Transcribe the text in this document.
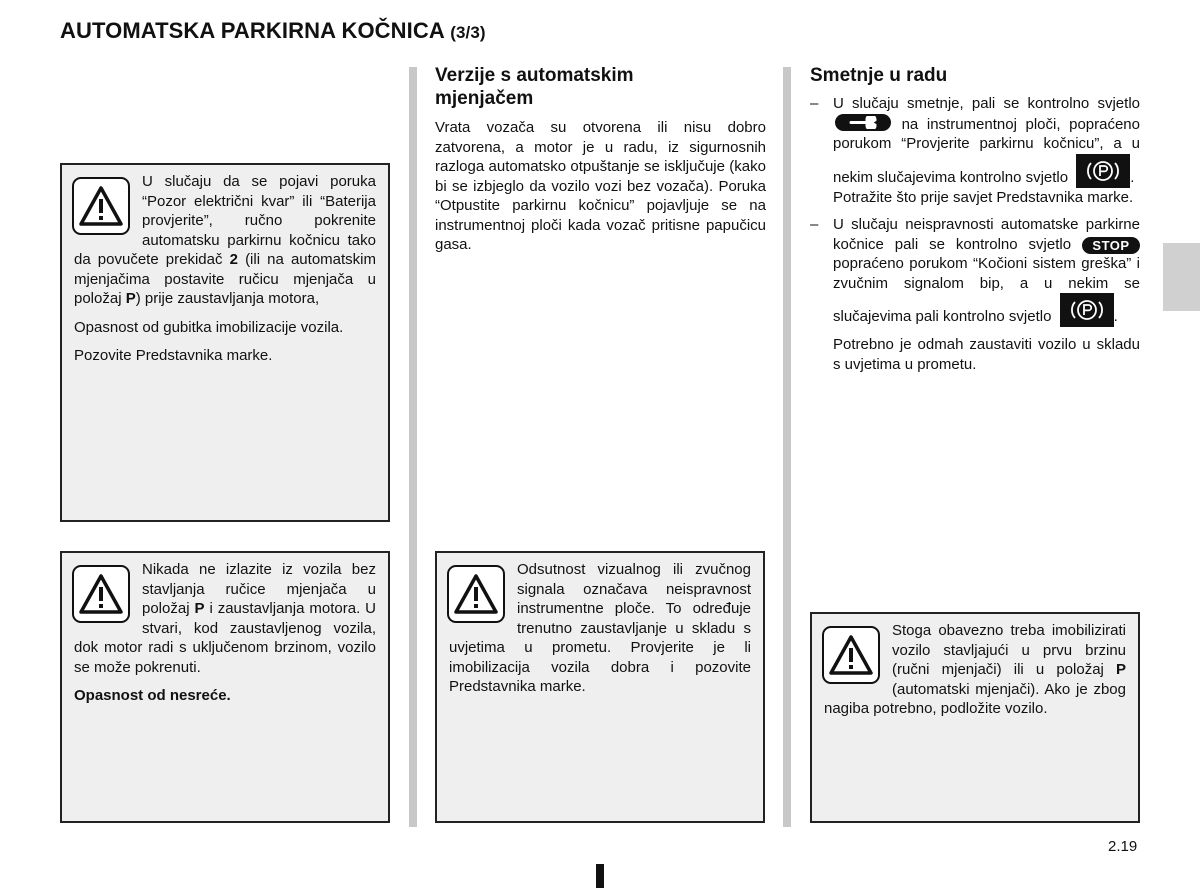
AUTOMATSKA PARKIRNA KOČNICA (3/3)

U slučaju da se pojavi poruka “Pozor električni kvar” ili “Baterija provjerite”, ručno pokrenite automatsku parkirnu kočnicu tako da povučete prekidač 2 (ili na automatskim mjenjačima postavite ručicu mjenjača u položaj P) prije zaustavljanja motora,

Opasnost od gubitka imobilizacije vozila.

Pozovite Predstavnika marke.

Nikada ne izlazite iz vozila bez stavljanja ručice mjenjača u položaj P i zaustavljanja motora. U stvari, kod zaustavljenog vozila, dok motor radi s uključenom brzinom, vozilo se može pokrenuti.

Opasnost od nesreće.

Verzije s automatskim mjenjačem
Vrata vozača su otvorena ili nisu dobro zatvorena, a motor je u radu, iz sigurnosnih razloga automatsko otpuštanje se isključuje (kako bi se izbjeglo da vozilo vozi bez vozača). Poruka “Otpustite parkirnu kočnicu” pojavljuje se na instrumentnoj ploči kada vozač pritisne papučicu gasa.

Odsutnost vizualnog ili zvučnog signala označava neispravnost instrumentne ploče. To određuje trenutno zaustavljanje u skladu s uvjetima u prometu. Provjerite je li imobilizacija vozila dobra i pozovite Predstavnika marke.

Smetnje u radu
– U slučaju smetnje, pali se kontrolno svjetlo
na instrumentnoj ploči, popraćeno porukom “Provjerite parkirnu kočnicu”, a u nekim slučajevima kontrolno svjetlo	.
Potražite što prije savjet Predstavnika marke.
– U slučaju neispravnosti automatske parkirne kočnice pali se kontrolno svjetlo STOP popraćeno porukom “Kočioni sistem greška” i zvučnim signalom bip, a u nekim se slučajevima pali kontrolno svjetlo	.

Potrebno je odmah zaustaviti vozilo u skladu s uvjetima u prometu.

Stoga obavezno treba imobilizirati vozilo stavljajući u prvu brzinu (ručni mjenjači) ili u položaj P (automatski mjenjači). Ako je zbog nagiba potrebno, podložite vozilo.

2.19
